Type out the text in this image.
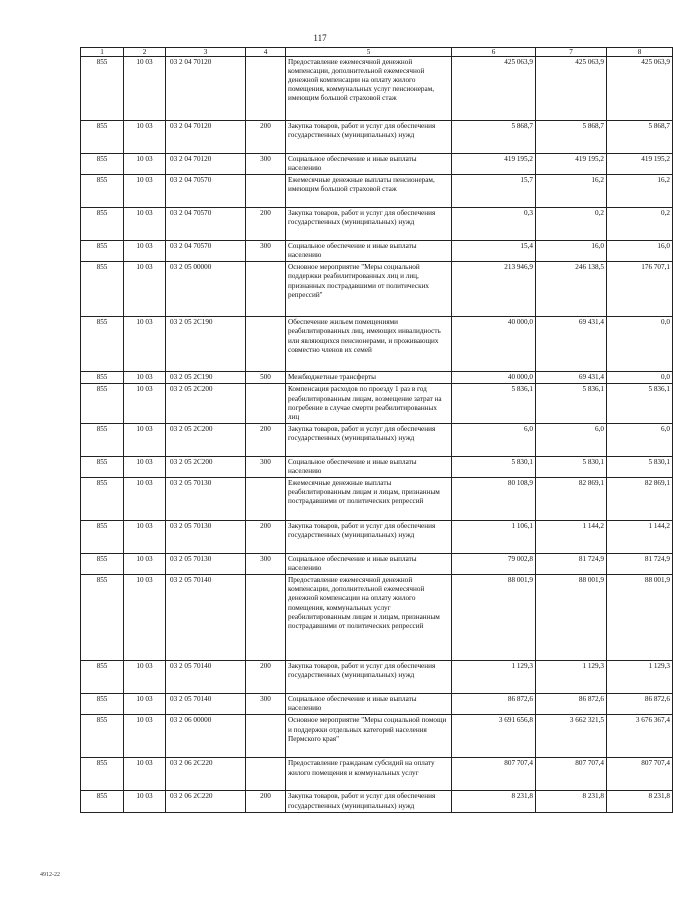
117
1	2	3	4	5	6	7	8
855	10 03	03 2 04 70120		Предоставление ежемесячной денежной компенсации, дополнительной ежемесячной денежной компенсации на оплату жилого помещения, коммунальных услуг пенсионерам, имеющим большой страховой стаж	425 063,9	425 063,9	425 063,9
855	10 03	03 2 04 70120	200	Закупка товаров, работ и услуг для обеспечения государственных (муниципальных) нужд	5 868,7	5 868,7	5 868,7
855	10 03	03 2 04 70120	300	Социальное обеспечение и иные выплаты населению	419 195,2	419 195,2	419 195,2
855	10 03	03 2 04 70570		Ежемесячные денежные выплаты пенсионерам, имеющим большой страховой стаж	15,7	16,2	16,2
855	10 03	03 2 04 70570	200	Закупка товаров, работ и услуг для обеспечения государственных (муниципальных) нужд	0,3	0,2	0,2
855	10 03	03 2 04 70570	300	Социальное обеспечение и иные выплаты населению	15,4	16,0	16,0
855	10 03	03 2 05 00000		Основное мероприятие "Меры социальной поддержки реабилитированных лиц и лиц, признанных пострадавшими от политических репрессий"	213 946,9	246 138,5	176 707,1
855	10 03	03 2 05 2С190		Обеспечение жильем помещениями реабилитированных лиц, имеющих инвалидность или являющихся пенсионерами, и проживающих совместно членов их семей	40 000,0	69 431,4	0,0
855	10 03	03 2 05 2С190	500	Межбюджетные трансферты	40 000,0	69 431,4	0,0
855	10 03	03 2 05 2С200		Компенсация расходов по проезду 1 раз в год реабилитированным лицам, возмещение затрат на погребение в случае смерти реабилитированных лиц	5 836,1	5 836,1	5 836,1
855	10 03	03 2 05 2С200	200	Закупка товаров, работ и услуг для обеспечения государственных (муниципальных) нужд	6,0	6,0	6,0
855	10 03	03 2 05 2С200	300	Социальное обеспечение и иные выплаты населению	5 830,1	5 830,1	5 830,1
855	10 03	03 2 05 70130		Ежемесячные денежные выплаты реабилитированным лицам и лицам, признанным пострадавшими от политических репрессий	80 108,9	82 869,1	82 869,1
855	10 03	03 2 05 70130	200	Закупка товаров, работ и услуг для обеспечения государственных (муниципальных) нужд	1 106,1	1 144,2	1 144,2
855	10 03	03 2 05 70130	300	Социальное обеспечение и иные выплаты населению	79 002,8	81 724,9	81 724,9
855	10 03	03 2 05 70140		Предоставление ежемесячной денежной компенсации, дополнительной ежемесячной денежной компенсации на оплату жилого помещения, коммунальных услуг реабилитированным лицам и лицам, признанным пострадавшими от политических репрессий	88 001,9	88 001,9	88 001,9
855	10 03	03 2 05 70140	200	Закупка товаров, работ и услуг для обеспечения государственных (муниципальных) нужд	1 129,3	1 129,3	1 129,3
855	10 03	03 2 05 70140	300	Социальное обеспечение и иные выплаты населению	86 872,6	86 872,6	86 872,6
855	10 03	03 2 06 00000		Основное мероприятие "Меры социальной помощи и поддержки отдельных категорий населения Пермского края"	3 691 656,8	3 662 321,5	3 676 367,4
855	10 03	03 2 06 2С220		Предоставление гражданам субсидий на оплату жилого помещения и коммунальных услуг	807 707,4	807 707,4	807 707,4
855	10 03	03 2 06 2С220	200	Закупка товаров, работ и услуг для обеспечения государственных (муниципальных) нужд	8 231,8	8 231,8	8 231,8
4912-22
